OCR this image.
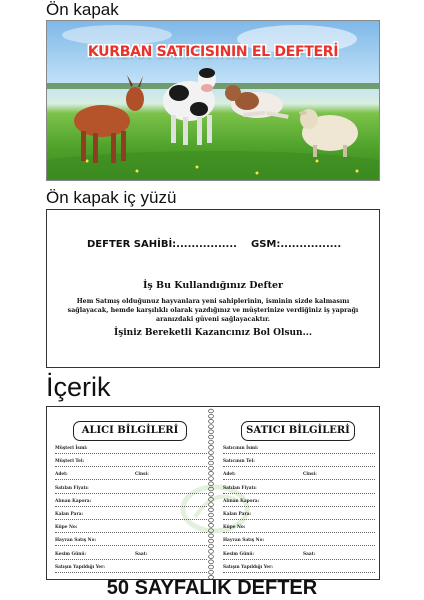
Ön kapak
KURBAN SATICISININ EL DEFTERİ
Ön kapak iç yüzü
DEFTER SAHİBİ:................ GSM:................
İş Bu Kullandığınız Defter
Hem Satmış olduğunuz hayvanlara yeni sahiplerinin, isminin sizde kalmasını sağlayacak, hemde karşılıklı olarak yazdığınız ve müşterinize verdiğiniz iş yaprağı aranızdaki güveni sağlayacaktır.
İşiniz Bereketli Kazancınız Bol Olsun...
İçerik
ALICI BİLGİLERİ
Müşteri İsmi:
Müşteri Tel:
Adet:	Cinsi:
Satılan Fiyatı:
Alınan Kapora:
Kalan Para:
Küpe No:
Hayvan Satış No:
Kesim Günü:	Saat:
Satışın Yapıldığı Yer:
SATICI BİLGİLERİ
Satıcının İsmi:
Satıcının Tel:
Adet:	Cinsi:
Satılan Fiyatı:
Alınan Kapora:
Kalan Para:
Küpe No:
Hayvan Satış No:
Kesim Günü:	Saat:
Satışın Yapıldığı Yer:
50 SAYFALIK DEFTER
